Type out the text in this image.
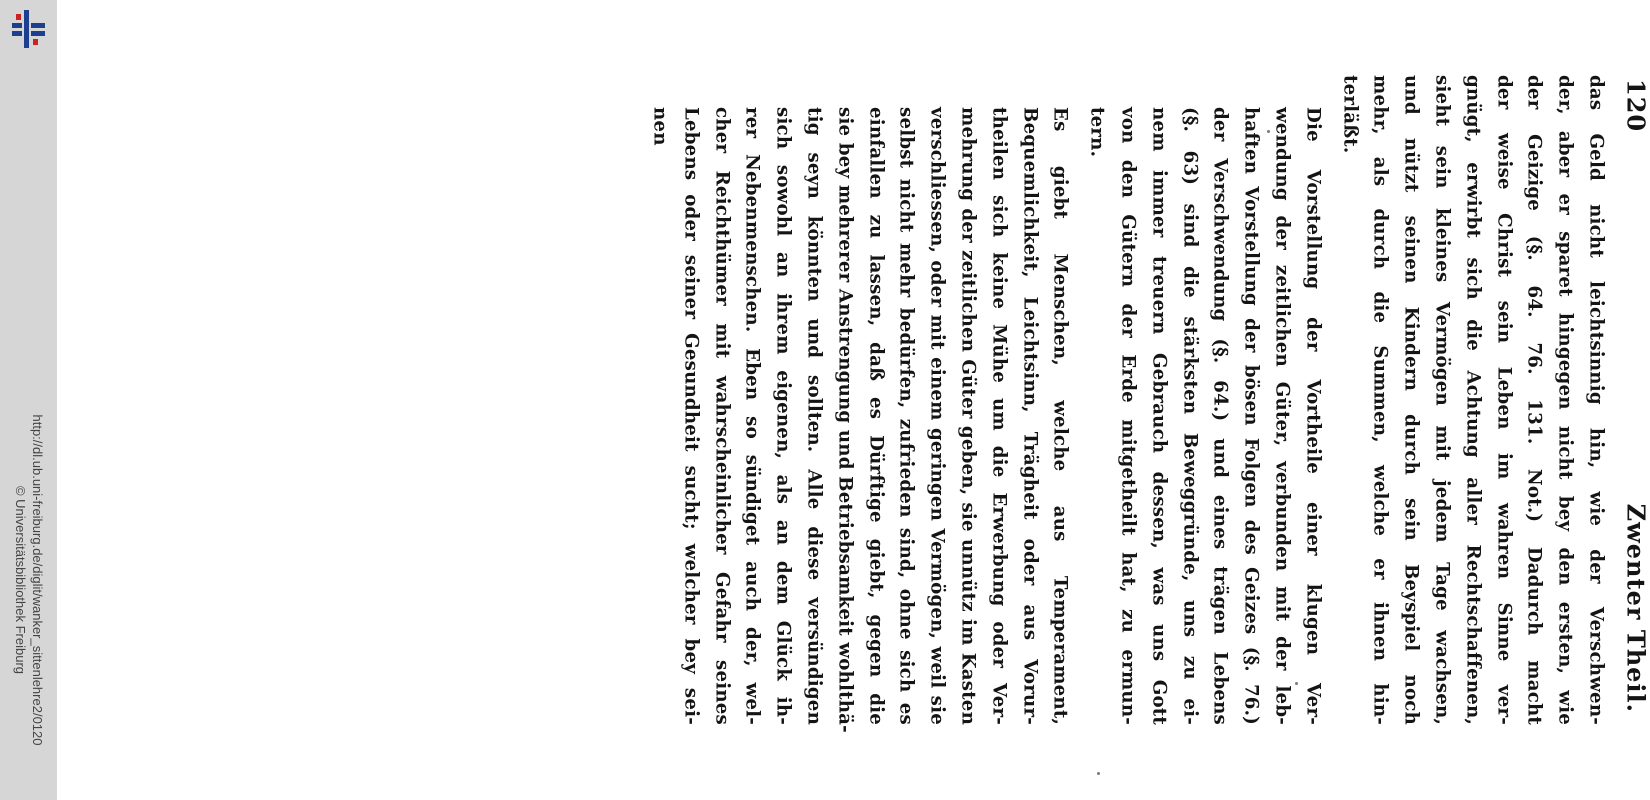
http://dl.ub.uni-freiburg.de/diglit/wanker_sittenlehre2/0120
© Universitätsbibliothek Freiburg
120
Zwenter Theil.
das Geld nicht leichtsinnig hin, wie der Verschwen-
der, aber er sparet hingegen nicht bey den ersten, wie
der Geizige (§. 64. 76. 131. Not.) Dadurch macht
der weise Christ sein Leben im wahren Sinne ver-
gnügt, erwirbt sich die Achtung aller Rechtschaffenen,
sieht sein kleines Vermögen mit jedem Tage wachsen,
und nützt seinen Kindern durch sein Beyspiel noch
mehr, als durch die Summen, welche er ihnen hin-
terläßt.
Die Vorstellung der Vortheile einer klugen Ver-
wendung der zeitlichen Güter, verbunden mit der leb-
haften Vorstellung der bösen Folgen des Geizes (§. 76.)
der Verschwendung (§. 64.) und eines trägen Lebens
(§. 63) sind die stärksten Beweggründe, uns zu ei-
nem immer treuern Gebrauch dessen, was uns Gott
von den Gütern der Erde mitgetheilt hat, zu ermun-
tern.
Es giebt Menschen, welche aus Temperament,
Bequemlichkeit, Leichtsinn, Trägheit oder aus Vorur-
theilen sich keine Mühe um die Erwerbung oder Ver-
mehrung der zeitlichen Güter geben, sie unnütz im Kasten
verschliessen, oder mit einem geringen Vermögen, weil sie
selbst nicht mehr bedürfen, zufrieden sind, ohne sich es
einfallen zu lassen, daß es Dürftige giebt, gegen die
sie bey mehrerer Anstrengung und Betriebsamkeit wohlthä-
tig seyn könnten und sollten. Alle diese versündigen
sich sowohl an ihrem eigenen, als an dem Glück ih-
rer Nebenmenschen. Eben so sündiget auch der, wel-
cher Reichthümer mit wahrscheinlicher Gefahr seines
Lebens oder seiner Gesundheit sucht; welcher bey sei-
nen
